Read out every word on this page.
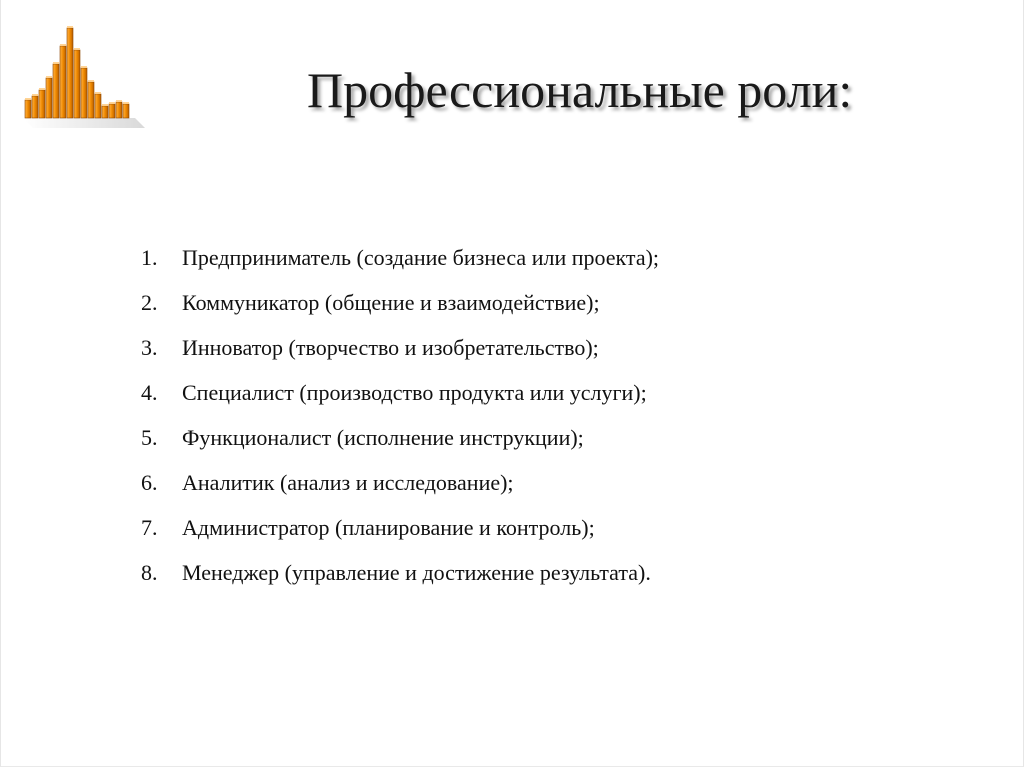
Профессиональные роли:
1. Предприниматель (создание бизнеса или проекта);
2. Коммуникатор (общение и взаимодействие);
3. Инноватор (творчество и изобретательство);
4. Специалист (производство продукта или услуги);
5. Функционалист (исполнение инструкции);
6. Аналитик (анализ и исследование);
7. Администратор (планирование и контроль);
8. Менеджер (управление и достижение результата).
